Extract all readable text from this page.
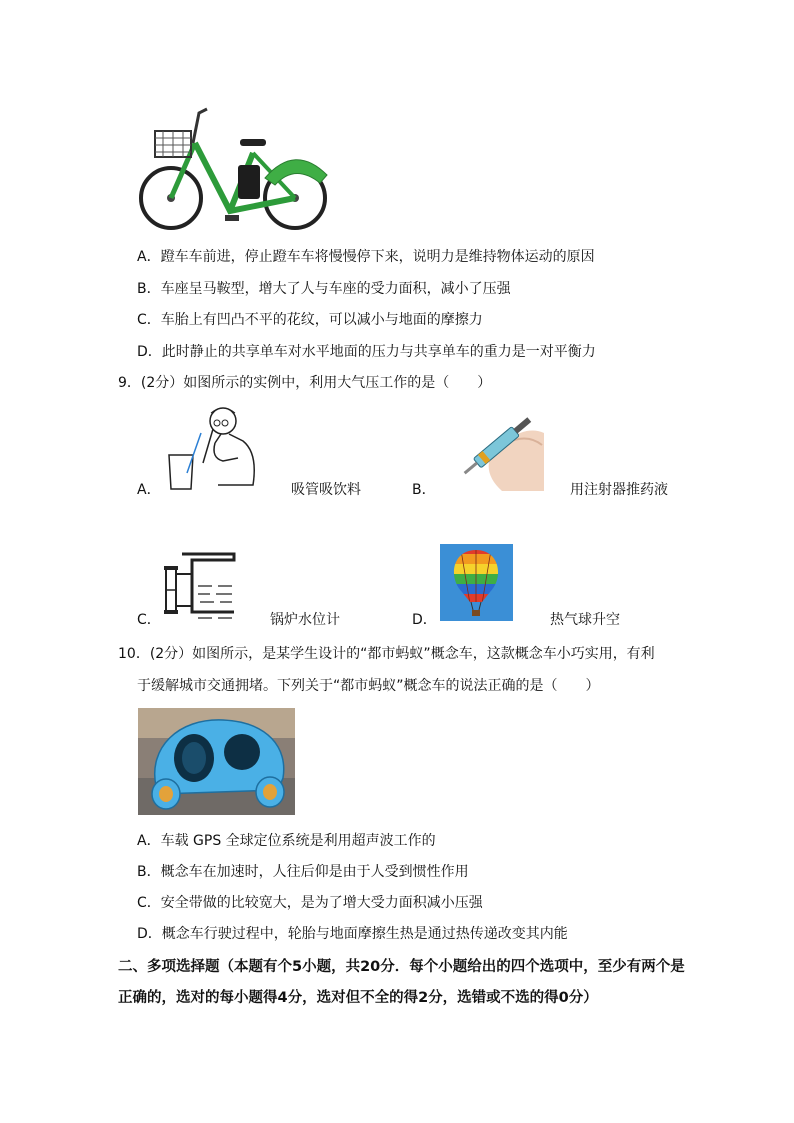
A．蹬车车前进，停止蹬车车将慢慢停下来，说明力是维持物体运动的原因
B．车座呈马鞍型，增大了人与车座的受力面积，减小了压强
C．车胎上有凹凸不平的花纹，可以减小与地面的摩擦力
D．此时静止的共享单车对水平地面的压力与共享单车的重力是一对平衡力
9．(2分）如图所示的实例中，利用大气压工作的是（　　）
A．	吸管吸饮料	B．	用注射器推药液
C．	锅炉水位计	D．	热气球升空
10．(2分）如图所示，是某学生设计的“都市蚂蚁”概念车，这款概念车小巧实用，有利
于缓解城市交通拥堵。下列关于“都市蚂蚁”概念车的说法正确的是（　　）
A．车载 GPS 全球定位系统是利用超声波工作的
B．概念车在加速时，人往后仰是由于人受到惯性作用
C．安全带做的比较宽大，是为了增大受力面积减小压强
D．概念车行驶过程中，轮胎与地面摩擦生热是通过热传递改变其内能
二、多项选择题（本题有个5小题，共20分．每个小题给出的四个选项中，至少有两个是
正确的，选对的每小题得4分，选对但不全的得2分，选错或不选的得0分）
